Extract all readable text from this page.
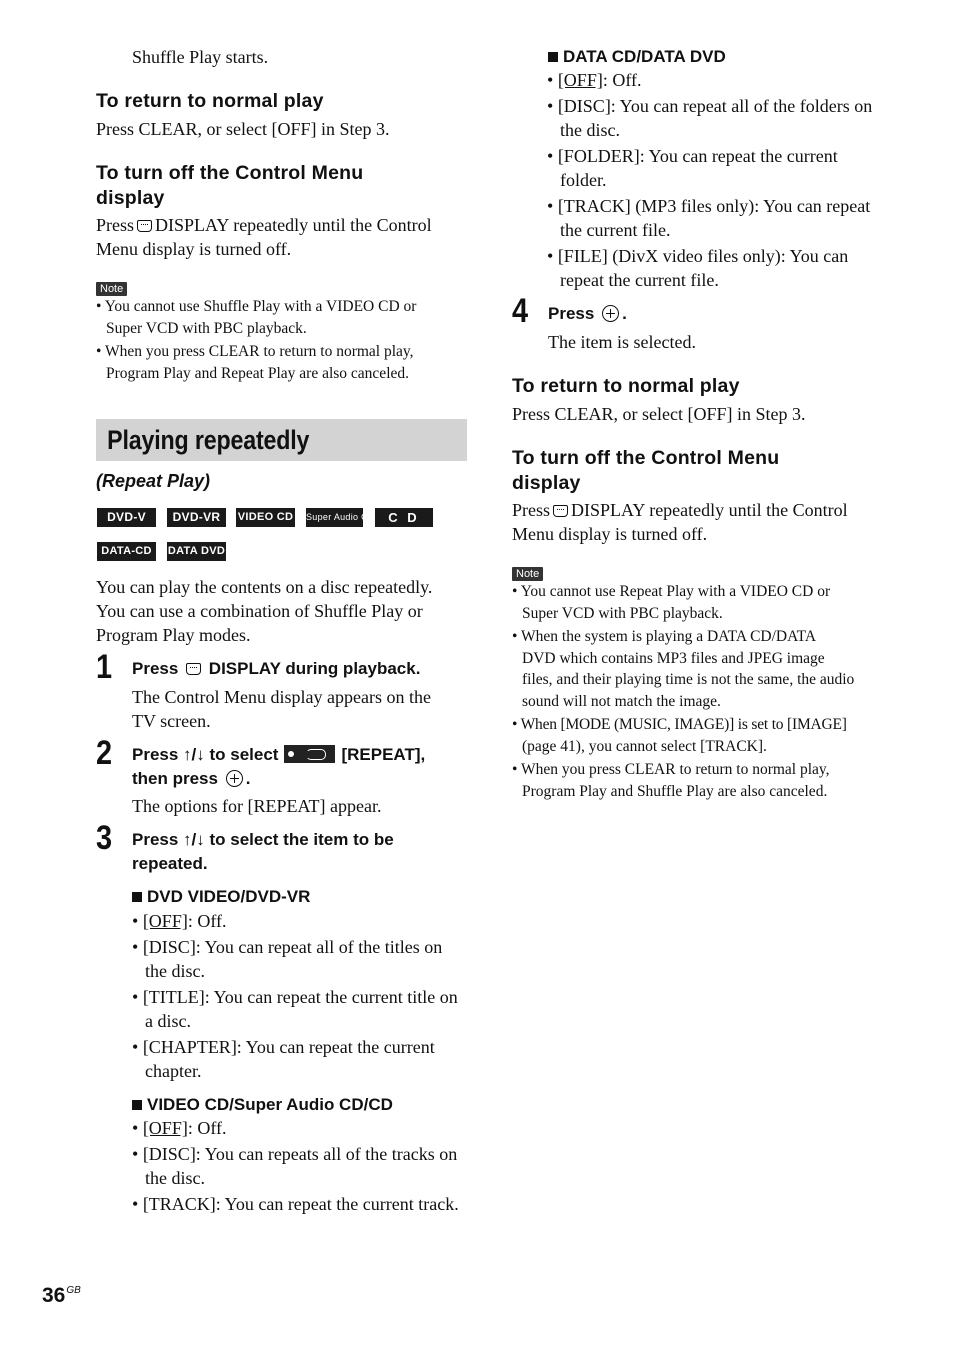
Shuffle Play starts.
To return to normal play
Press CLEAR, or select [OFF] in Step 3.
To turn off the Control Menu
display
Press DISPLAY repeatedly until the Control
Menu display is turned off.
Note

• You cannot use Shuffle Play with a VIDEO CD or

Super VCD with PBC playback.

• When you press CLEAR to return to normal play,

Program Play and Repeat Play are also canceled.

Playing repeatedly
(Repeat Play)
DVD-V	DVD-VR	VIDEO CD Super Audio CD	C D
DATA-CD	DATA DVD
You can play the contents on a disc repeatedly.
You can use a combination of Shuffle Play or
Program Play modes.
1 Press DISPLAY during playback.
The Control Menu display appears on the
TV screen.
2 Press ↑/↓ to select	[REPEAT],
then press .
The options for [REPEAT] appear.
3 Press ↑/↓ to select the item to be
repeated.
DVD VIDEO/DVD-VR
• [OFF]: Off.
• [DISC]: You can repeat all of the titles on the disc.
• [TITLE]: You can repeat the current title on a disc.
• [CHAPTER]: You can repeat the current chapter.
VIDEO CD/Super Audio CD/CD
• [OFF]: Off.
• [DISC]: You can repeats all of the tracks on the disc.
• [TRACK]: You can repeat the current track.
DATA CD/DATA DVD
• [OFF]: Off.
• [DISC]: You can repeat all of the folders on the disc.
• [FOLDER]: You can repeat the current folder.
• [TRACK] (MP3 files only): You can repeat the current file.
• [FILE] (DivX video files only): You can repeat the current file.
4 Press .
The item is selected.
To return to normal play
Press CLEAR, or select [OFF] in Step 3.
To turn off the Control Menu
display
Press DISPLAY repeatedly until the Control
Menu display is turned off.
Note

• You cannot use Repeat Play with a VIDEO CD or

Super VCD with PBC playback.

• When the system is playing a DATA CD/DATA

DVD which contains MP3 files and JPEG image

files, and their playing time is not the same, the audio

sound will not match the image.

• When [MODE (MUSIC, IMAGE)] is set to [IMAGE]

(page 41), you cannot select [TRACK].

• When you press CLEAR to return to normal play,

Program Play and Shuffle Play are also canceled.

$36^{GB}$
